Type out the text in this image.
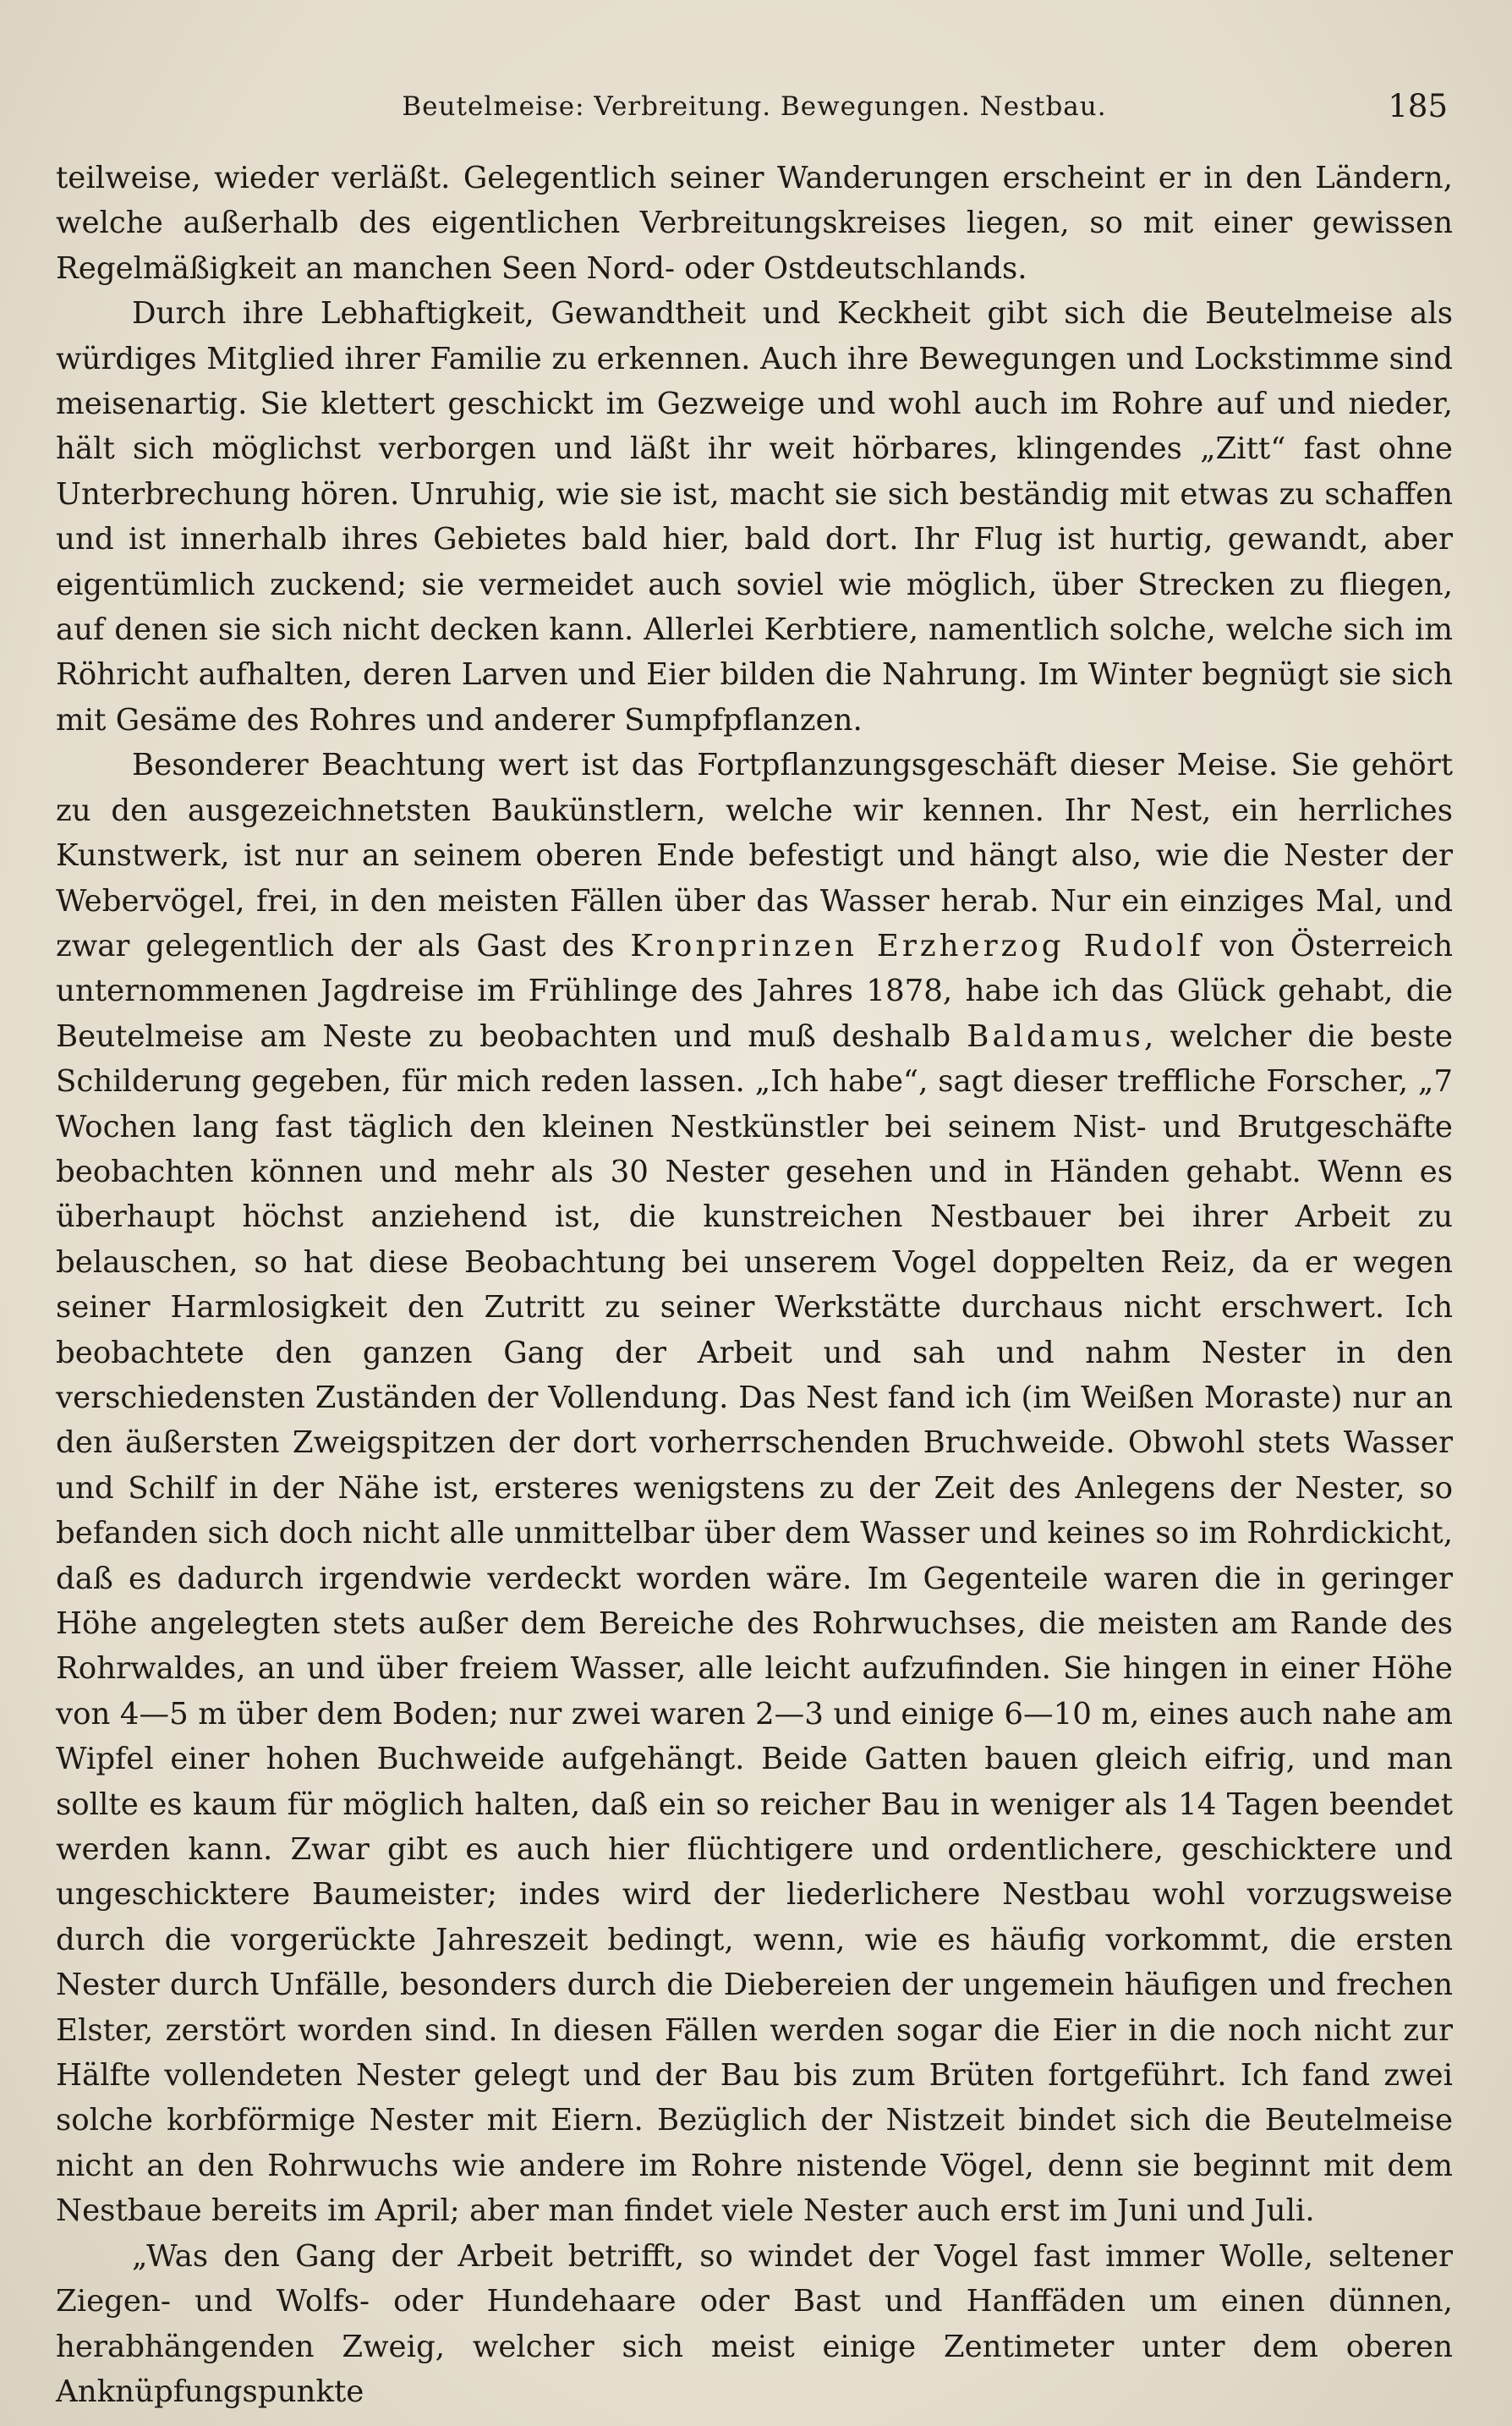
Beutelmeise: Verbreitung. Bewegungen. Nestbau.	185

teilweise, wieder verläßt. Gelegentlich seiner Wanderungen erscheint er in den Ländern, welche außerhalb des eigentlichen Verbreitungskreises liegen, so mit einer gewissen Regelmäßigkeit an manchen Seen Nord- oder Ostdeutschlands.

Durch ihre Lebhaftigkeit, Gewandtheit und Keckheit gibt sich die Beutelmeise als würdiges Mitglied ihrer Familie zu erkennen. Auch ihre Bewegungen und Lockstimme sind meisenartig. Sie klettert geschickt im Gezweige und wohl auch im Rohre auf und nieder, hält sich möglichst verborgen und läßt ihr weit hörbares, klingendes „Zitt“ fast ohne Unterbrechung hören. Unruhig, wie sie ist, macht sie sich beständig mit etwas zu schaffen und ist innerhalb ihres Gebietes bald hier, bald dort. Ihr Flug ist hurtig, gewandt, aber eigentümlich zuckend; sie vermeidet auch soviel wie möglich, über Strecken zu fliegen, auf denen sie sich nicht decken kann. Allerlei Kerbtiere, namentlich solche, welche sich im Röhricht aufhalten, deren Larven und Eier bilden die Nahrung. Im Winter begnügt sie sich mit Gesäme des Rohres und anderer Sumpfpflanzen.

Besonderer Beachtung wert ist das Fortpflanzungsgeschäft dieser Meise. Sie gehört zu den ausgezeichnetsten Baukünstlern, welche wir kennen. Ihr Nest, ein herrliches Kunstwerk, ist nur an seinem oberen Ende befestigt und hängt also, wie die Nester der Webervögel, frei, in den meisten Fällen über das Wasser herab. Nur ein einziges Mal, und zwar gelegentlich der als Gast des Kronprinzen Erzherzog Rudolf von Österreich unternommenen Jagdreise im Frühlinge des Jahres 1878, habe ich das Glück gehabt, die Beutelmeise am Neste zu beobachten und muß deshalb Baldamus, welcher die beste Schilderung gegeben, für mich reden lassen. „Ich habe“, sagt dieser treffliche Forscher, „7 Wochen lang fast täglich den kleinen Nestkünstler bei seinem Nist- und Brutgeschäfte beobachten können und mehr als 30 Nester gesehen und in Händen gehabt. Wenn es überhaupt höchst anziehend ist, die kunstreichen Nestbauer bei ihrer Arbeit zu belauschen, so hat diese Beobachtung bei unserem Vogel doppelten Reiz, da er wegen seiner Harmlosigkeit den Zutritt zu seiner Werkstätte durchaus nicht erschwert. Ich beobachtete den ganzen Gang der Arbeit und sah und nahm Nester in den verschiedensten Zuständen der Vollendung. Das Nest fand ich (im Weißen Moraste) nur an den äußersten Zweigspitzen der dort vorherrschenden Bruchweide. Obwohl stets Wasser und Schilf in der Nähe ist, ersteres wenigstens zu der Zeit des Anlegens der Nester, so befanden sich doch nicht alle unmittelbar über dem Wasser und keines so im Rohrdickicht, daß es dadurch irgendwie verdeckt worden wäre. Im Gegenteile waren die in geringer Höhe angelegten stets außer dem Bereiche des Rohrwuchses, die meisten am Rande des Rohrwaldes, an und über freiem Wasser, alle leicht aufzufinden. Sie hingen in einer Höhe von 4—5 m über dem Boden; nur zwei waren 2—3 und einige 6—10 m, eines auch nahe am Wipfel einer hohen Buchweide aufgehängt. Beide Gatten bauen gleich eifrig, und man sollte es kaum für möglich halten, daß ein so reicher Bau in weniger als 14 Tagen beendet werden kann. Zwar gibt es auch hier flüchtigere und ordentlichere, geschicktere und ungeschicktere Baumeister; indes wird der liederlichere Nestbau wohl vorzugsweise durch die vorgerückte Jahreszeit bedingt, wenn, wie es häufig vorkommt, die ersten Nester durch Unfälle, besonders durch die Diebereien der ungemein häufigen und frechen Elster, zerstört worden sind. In diesen Fällen werden sogar die Eier in die noch nicht zur Hälfte vollendeten Nester gelegt und der Bau bis zum Brüten fortgeführt. Ich fand zwei solche korbförmige Nester mit Eiern. Bezüglich der Nistzeit bindet sich die Beutelmeise nicht an den Rohrwuchs wie andere im Rohre nistende Vögel, denn sie beginnt mit dem Nestbaue bereits im April; aber man findet viele Nester auch erst im Juni und Juli.

„Was den Gang der Arbeit betrifft, so windet der Vogel fast immer Wolle, seltener Ziegen- und Wolfs- oder Hundehaare oder Bast und Hanffäden um einen dünnen, herabhängenden Zweig, welcher sich meist einige Zentimeter unter dem oberen Anknüpfungspunkte
